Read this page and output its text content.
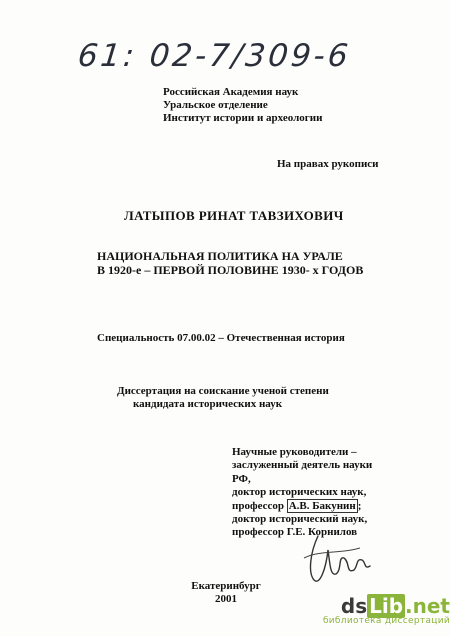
61: 02-7/309-6
Российская Академия наук
Уральское отделение
Институт истории и археологии
На правах рукописи
ЛАТЫПОВ РИНАТ ТАВЗИХОВИЧ
НАЦИОНАЛЬНАЯ ПОЛИТИКА НА УРАЛЕ
В 1920-е – ПЕРВОЙ ПОЛОВИНЕ 1930- х ГОДОВ
Специальность 07.00.02 – Отечественная история
Диссертация на соискание ученой степени
кандидата исторических наук
Научные руководители –
заслуженный деятель науки
РФ,
доктор исторических наук,
профессор А.В. Бакунин ;
доктор исторический наук,
профессор Г.Е. Корнилов
Екатеринбург
2001	ds Lib .net
библиотека диссертаций
